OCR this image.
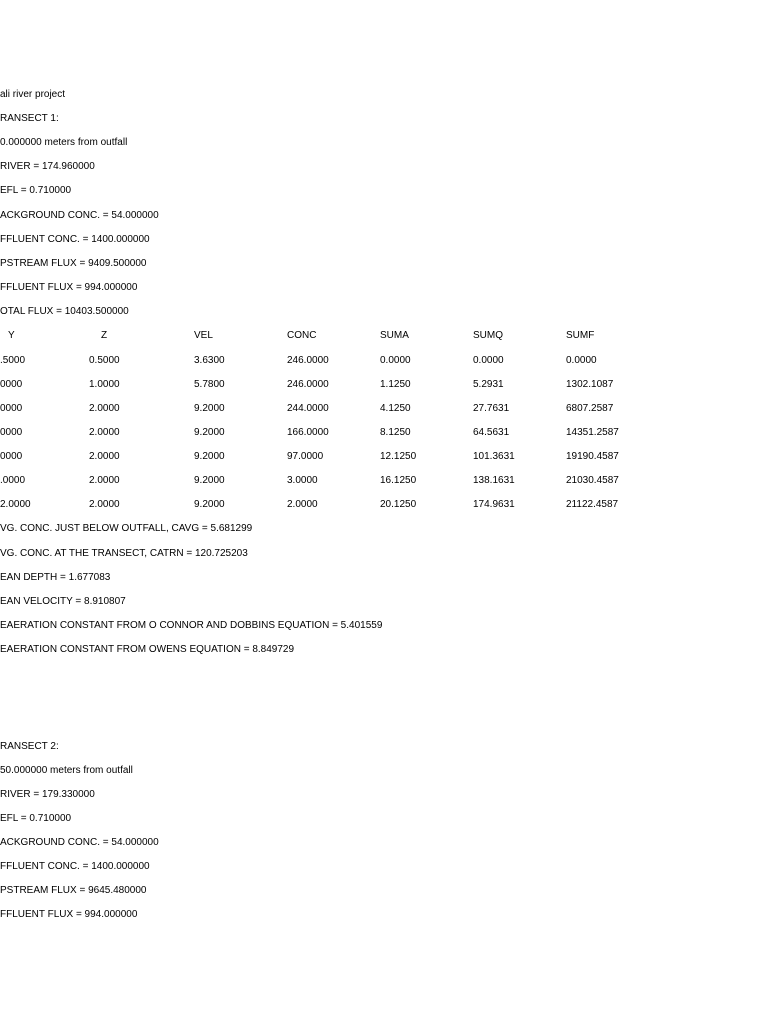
ali river project
RANSECT 1:
0.000000 meters from outfall
RIVER = 174.960000
EFL = 0.710000
ACKGROUND CONC. = 54.000000
FFLUENT CONC. = 1400.000000
PSTREAM FLUX = 9409.500000
FFLUENT FLUX = 994.000000
OTAL FLUX = 10403.500000
Y	Z	VEL	CONC	SUMA	SUMQ	SUMF
.5000	0.5000	3.6300	246.0000	0.0000	0.0000	0.0000
0000	1.0000	5.7800	246.0000	1.1250	5.2931	1302.1087
0000	2.0000	9.2000	244.0000	4.1250	27.7631	6807.2587
0000	2.0000	9.2000	166.0000	8.1250	64.5631	14351.2587
0000	2.0000	9.2000	97.0000	12.1250	101.3631	19190.4587
.0000	2.0000	9.2000	3.0000	16.1250	138.1631	21030.4587
2.0000	2.0000	9.2000	2.0000	20.1250	174.9631	21122.4587
VG. CONC. JUST BELOW OUTFALL, CAVG = 5.681299
VG. CONC. AT THE TRANSECT, CATRN = 120.725203
EAN DEPTH = 1.677083
EAN VELOCITY = 8.910807
EAERATION CONSTANT FROM O CONNOR AND DOBBINS EQUATION = 5.401559
EAERATION CONSTANT FROM OWENS EQUATION = 8.849729
RANSECT 2:
50.000000 meters from outfall
RIVER = 179.330000
EFL = 0.710000
ACKGROUND CONC. = 54.000000
FFLUENT CONC. = 1400.000000
PSTREAM FLUX = 9645.480000
FFLUENT FLUX = 994.000000
